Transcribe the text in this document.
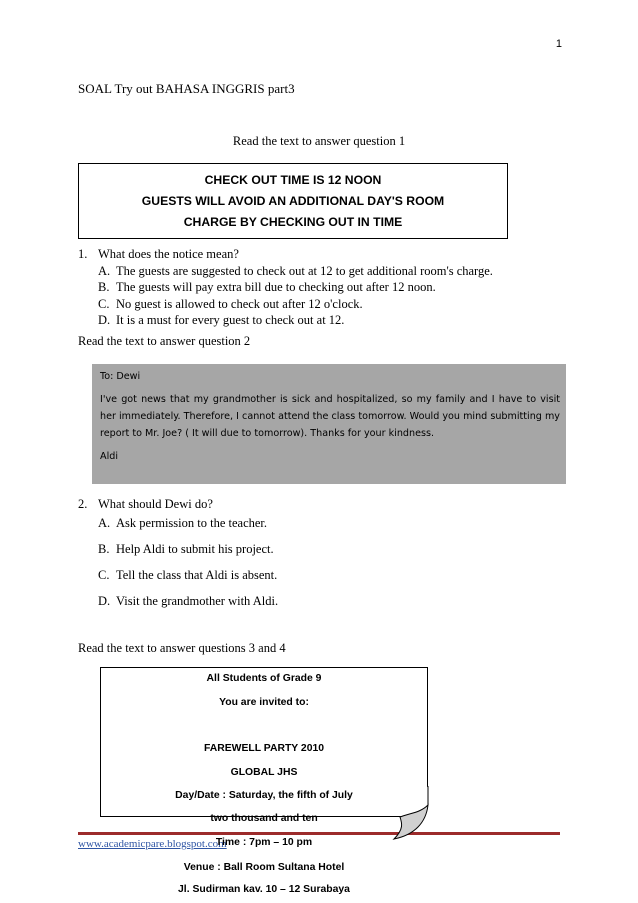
1
SOAL Try out BAHASA INGGRIS part3
Read the text to answer question 1
CHECK OUT TIME IS 12 NOON
GUESTS WILL AVOID AN ADDITIONAL DAY'S ROOM
CHARGE BY CHECKING OUT IN TIME
1. What does the notice mean?
A. The guests are suggested to check out at 12 to get additional room's charge.
B. The guests will pay extra bill due to checking out after 12 noon.
C. No guest is allowed to check out after 12 o'clock.
D. It is a must for every guest to check out at 12.
Read the text to answer question 2

To: Dewi

I've got news that my grandmother is sick and hospitalized, so my family and I have to visit her immediately. Therefore, I cannot attend the class tomorrow. Would you mind submitting my report to Mr. Joe? ( It will due to tomorrow). Thanks for your kindness.

Aldi

2. What should Dewi do?
A. Ask permission to the teacher.
B. Help Aldi to submit his project.
C. Tell the class that Aldi is absent.
D. Visit the grandmother with Aldi.
Read the text to answer questions 3 and 4
www.academicpare.blogspot.com
All Students of Grade 9
You are invited to:
FAREWELL PARTY 2010
GLOBAL JHS
Day/Date : Saturday, the fifth of July
two thousand and ten
Time : 7pm – 10 pm
Venue : Ball Room Sultana Hotel
Jl. Sudirman kav. 10 – 12 Surabaya
